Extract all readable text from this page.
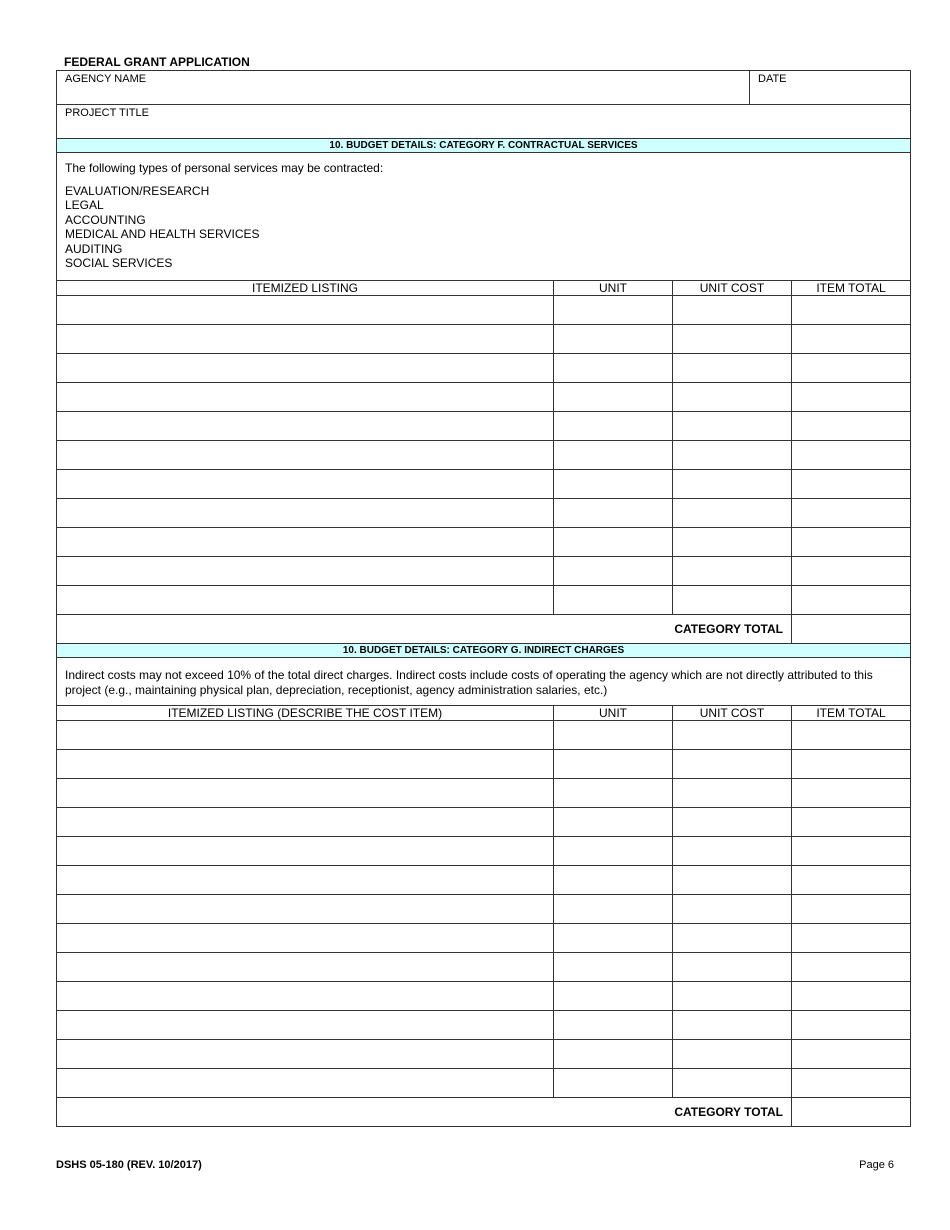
FEDERAL GRANT APPLICATION
AGENCY NAME	DATE
PROJECT TITLE
10. BUDGET DETAILS: CATEGORY F. CONTRACTUAL SERVICES
The following types of personal services may be contracted:
EVALUATION/RESEARCH
LEGAL
ACCOUNTING
MEDICAL AND HEALTH SERVICES
AUDITING
SOCIAL SERVICES
ITEMIZED LISTING	UNIT	UNIT COST	ITEM TOTAL
CATEGORY TOTAL
10. BUDGET DETAILS: CATEGORY G. INDIRECT CHARGES
Indirect costs may not exceed 10% of the total direct charges. Indirect costs include costs of operating the agency which are not directly attributed to this project (e.g., maintaining physical plan, depreciation, receptionist, agency administration salaries, etc.)
ITEMIZED LISTING (DESCRIBE THE COST ITEM)	UNIT	UNIT COST	ITEM TOTAL
CATEGORY TOTAL
DSHS 05-180 (REV. 10/2017)	Page 6
